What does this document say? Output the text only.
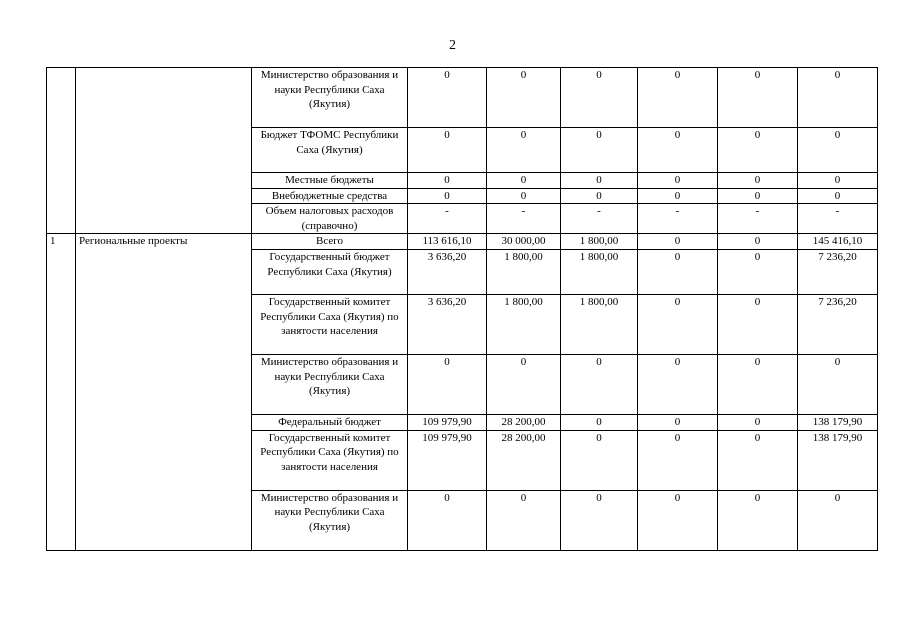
2
		Министерство образования и науки Республики Саха (Якутия)	0	0	0	0	0	0
		Бюджет ТФОМС Республики Саха (Якутия)	0	0	0	0	0	0
		Местные бюджеты	0	0	0	0	0	0
		Внебюджетные средства	0	0	0	0	0	0
		Объем налоговых расходов (справочно)	-	-	-	-	-	-
1	Региональные проекты	Всего	113 616,10	30 000,00	1 800,00	0	0	145 416,10
		Государственный бюджет Республики Саха (Якутия)	3 636,20	1 800,00	1 800,00	0	0	7 236,20
		Государственный комитет Республики Саха (Якутия) по занятости населения	3 636,20	1 800,00	1 800,00	0	0	7 236,20
		Министерство образования и науки Республики Саха (Якутия)	0	0	0	0	0	0
		Федеральный бюджет	109 979,90	28 200,00	0	0	0	138 179,90
		Государственный комитет Республики Саха (Якутия) по занятости населения	109 979,90	28 200,00	0	0	0	138 179,90
		Министерство образования и науки Республики Саха (Якутия)	0	0	0	0	0	0
